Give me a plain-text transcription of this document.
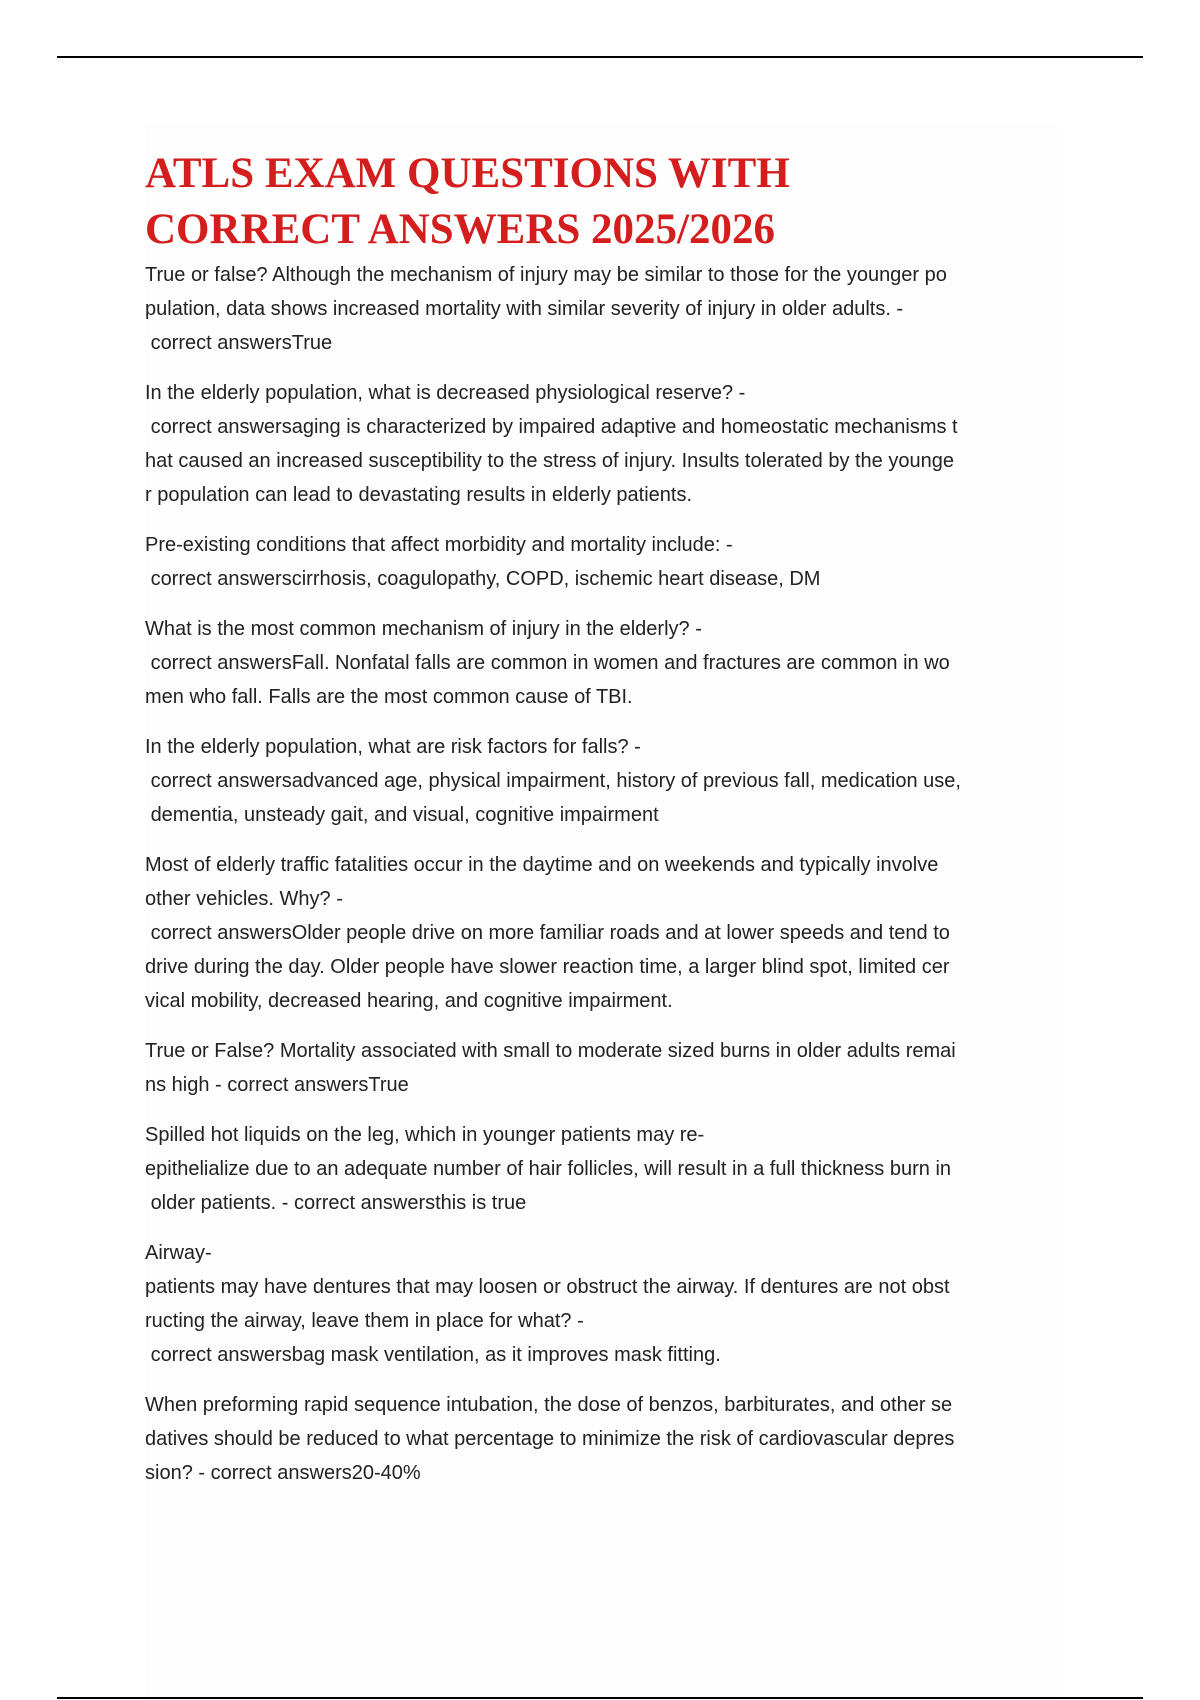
ATLS EXAM QUESTIONS WITH
CORRECT ANSWERS 2025/2026

True or false? Although the mechanism of injury may be similar to those for the younger po

pulation, data shows increased mortality with similar severity of injury in older adults. -

correct answersTrue

In the elderly population, what is decreased physiological reserve? -

correct answersaging is characterized by impaired adaptive and homeostatic mechanisms t

hat caused an increased susceptibility to the stress of injury. Insults tolerated by the younge

r population can lead to devastating results in elderly patients.

Pre-existing conditions that affect morbidity and mortality include: -

correct answerscirrhosis, coagulopathy, COPD, ischemic heart disease, DM

What is the most common mechanism of injury in the elderly? -

correct answersFall. Nonfatal falls are common in women and fractures are common in wo

men who fall. Falls are the most common cause of TBI.

In the elderly population, what are risk factors for falls? -

correct answersadvanced age, physical impairment, history of previous fall, medication use,

dementia, unsteady gait, and visual, cognitive impairment

Most of elderly traffic fatalities occur in the daytime and on weekends and typically involve

other vehicles. Why? -

correct answersOlder people drive on more familiar roads and at lower speeds and tend to

drive during the day. Older people have slower reaction time, a larger blind spot, limited cer

vical mobility, decreased hearing, and cognitive impairment.

True or False? Mortality associated with small to moderate sized burns in older adults remai

ns high - correct answersTrue

Spilled hot liquids on the leg, which in younger patients may re-

epithelialize due to an adequate number of hair follicles, will result in a full thickness burn in

older patients. - correct answersthis is true

Airway-

patients may have dentures that may loosen or obstruct the airway. If dentures are not obst

ructing the airway, leave them in place for what? -

correct answersbag mask ventilation, as it improves mask fitting.

When preforming rapid sequence intubation, the dose of benzos, barbiturates, and other se

datives should be reduced to what percentage to minimize the risk of cardiovascular depres

sion? - correct answers20-40%
